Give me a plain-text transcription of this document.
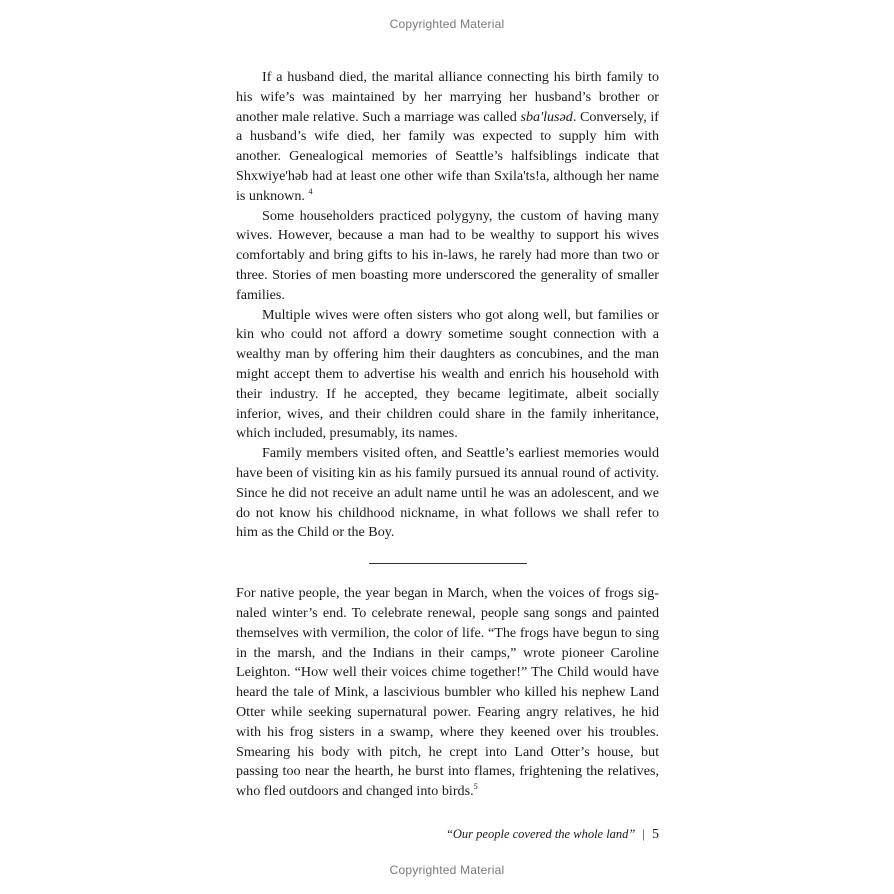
Copyrighted Material

If a husband died, the marital alliance connecting his birth family to his wife’s was maintained by her marrying her husband’s brother or another male relative. Such a marriage was called sba'lusəd. Conversely, if a husband’s wife died, her family was expected to supply him with another. Genealogical memories of Seattle’s halfsiblings indicate that Shxwiye'həb had at least one other wife than Sxila'ts!a, although her name is unknown. $^4$

Some householders practiced polygyny, the custom of having many wives. However, because a man had to be wealthy to support his wives comfortably and bring gifts to his in-laws, he rarely had more than two or three. Stories of men boasting more underscored the generality of smaller families.

Multiple wives were often sisters who got along well, but families or kin who could not afford a dowry sometime sought connection with a wealthy man by offering him their daughters as concubines, and the man might accept them to advertise his wealth and enrich his household with their industry. If he accepted, they became legitimate, albeit socially inferior, wives, and their children could share in the family inheritance, which included, presumably, its names.

Family members visited often, and Seattle’s earliest memories would have been of visiting kin as his family pursued its annual round of activity. Since he did not receive an adult name until he was an adolescent, and we do not know his childhood nickname, in what follows we shall refer to him as the Child or the Boy.

For native people, the year began in March, when the voices of frogs signaled winter’s end. To celebrate renewal, people sang songs and painted themselves with vermilion, the color of life. “The frogs have begun to sing in the marsh, and the Indians in their camps,” wrote pioneer Caroline Leighton. “How well their voices chime together!” The Child would have heard the tale of Mink, a lascivious bumbler who killed his nephew Land Otter while seeking supernatural power. Fearing angry relatives, he hid with his frog sisters in a swamp, where they keened over his troubles. Smearing his body with pitch, he crept into Land Otter’s house, but passing too near the hearth, he burst into flames, frightening the relatives, who fled outdoors and changed into birds.$^5$

“Our people covered the whole land” | 5
Copyrighted Material
